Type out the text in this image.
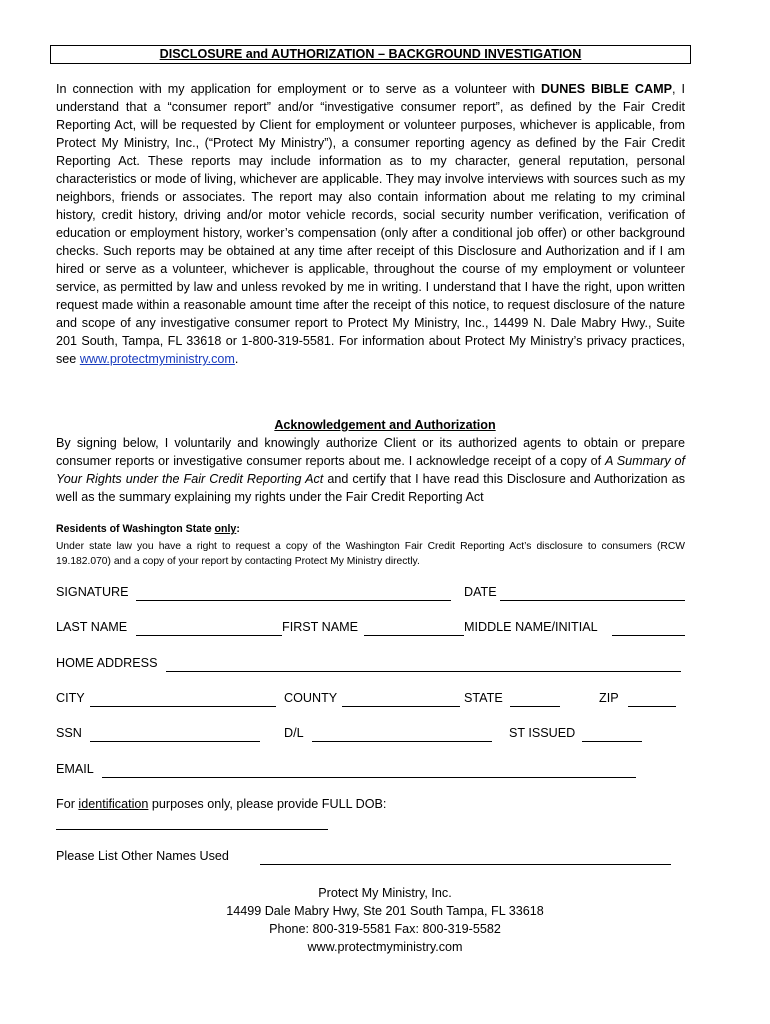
DISCLOSURE and AUTHORIZATION – BACKGROUND INVESTIGATION

In connection with my application for employment or to serve as a volunteer with DUNES BIBLE CAMP, I understand that a “consumer report” and/or “investigative consumer report”, as defined by the Fair Credit Reporting Act, will be requested by Client for employment or volunteer purposes, whichever is applicable, from Protect My Ministry, Inc., (“Protect My Ministry”), a consumer reporting agency as defined by the Fair Credit Reporting Act. These reports may include information as to my character, general reputation, personal characteristics or mode of living, whichever are applicable. They may involve interviews with sources such as my neighbors, friends or associates. The report may also contain information about me relating to my criminal history, credit history, driving and/or motor vehicle records, social security number verification, verification of education or employment history, worker’s compensation (only after a conditional job offer) or other background checks. Such reports may be obtained at any time after receipt of this Disclosure and Authorization and if I am hired or serve as a volunteer, whichever is applicable, throughout the course of my employment or volunteer service, as permitted by law and unless revoked by me in writing. I understand that I have the right, upon written request made within a reasonable amount time after the receipt of this notice, to request disclosure of the nature and scope of any investigative consumer report to Protect My Ministry, Inc., 14499 N. Dale Mabry Hwy., Suite 201 South, Tampa, FL 33618 or 1-800-319-5581. For information about Protect My Ministry’s privacy practices, see www.protectmyministry.com.

Acknowledgement and Authorization

By signing below, I voluntarily and knowingly authorize Client or its authorized agents to obtain or prepare consumer reports or investigative consumer reports about me. I acknowledge receipt of a copy of A Summary of Your Rights under the Fair Credit Reporting Act and certify that I have read this Disclosure and Authorization as well as the summary explaining my rights under the Fair Credit Reporting Act

Residents of Washington State only:

Under state law you have a right to request a copy of the Washington Fair Credit Reporting Act’s disclosure to consumers (RCW 19.182.070) and a copy of your report by contacting Protect My Ministry directly.

SIGNATURE	DATE
LAST NAME	FIRST NAME	MIDDLE NAME/INITIAL
HOME ADDRESS
CITY	COUNTY	STATE	ZIP
SSN	D/L	ST ISSUED
EMAIL
For identification purposes only, please provide FULL DOB:
Please List Other Names Used
Protect My Ministry, Inc.
14499 Dale Mabry Hwy, Ste 201 South Tampa, FL 33618
Phone: 800-319-5581 Fax: 800-319-5582
www.protectmyministry.com
